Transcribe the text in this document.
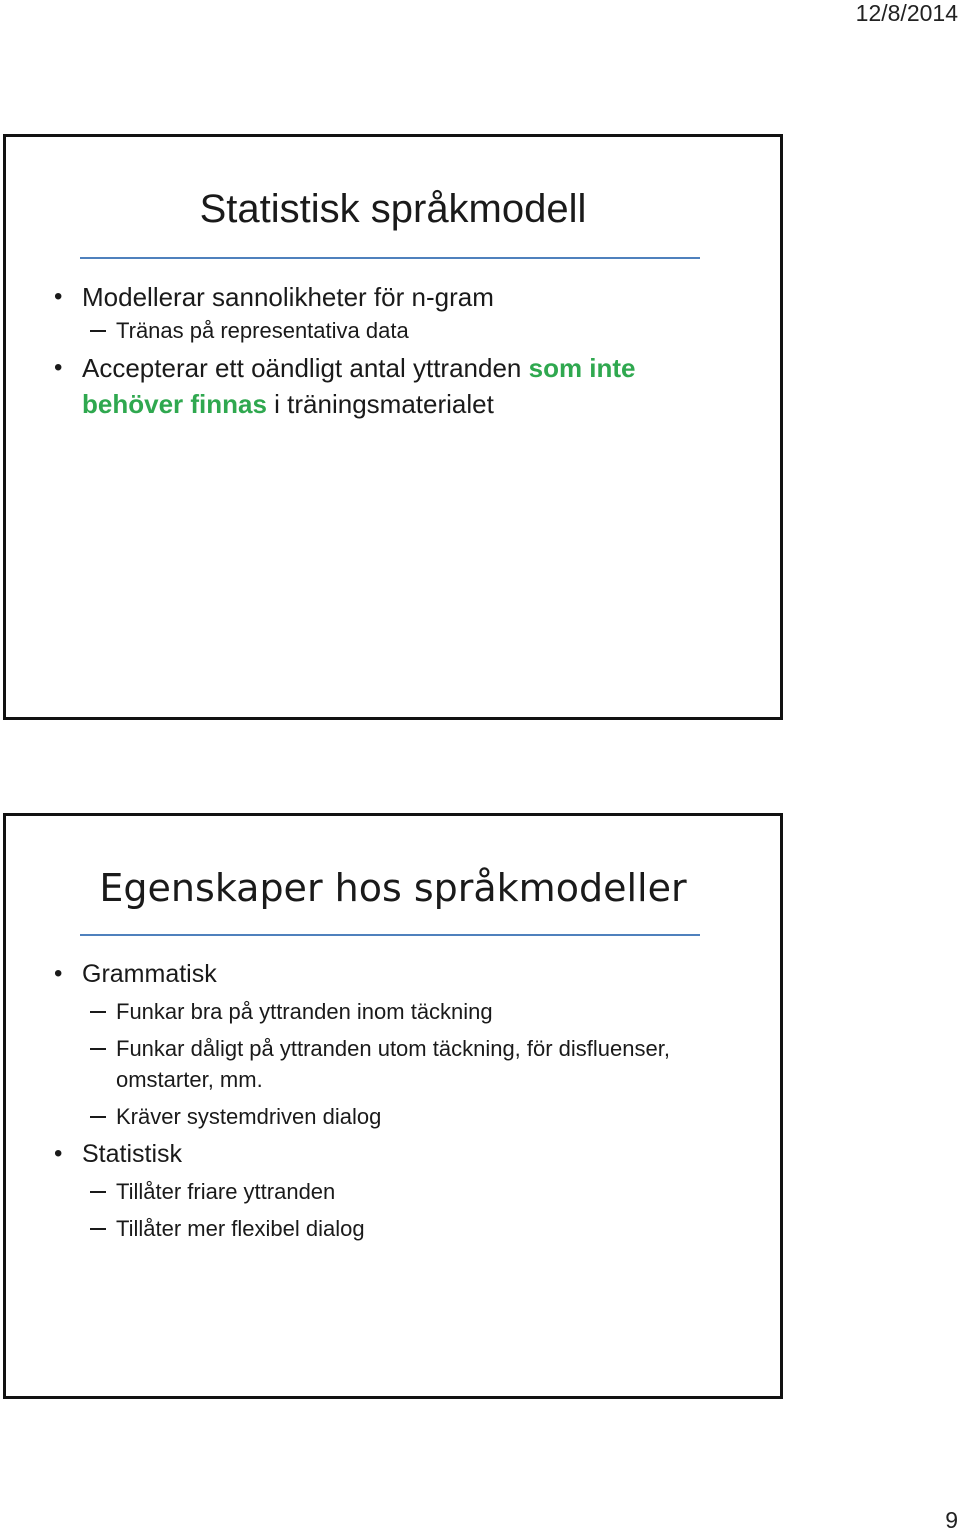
12/8/2014
Statistisk språkmodell
• Modellerar sannolikheter för n-gram
Tränas på representativa data
• Accepterar ett oändligt antal yttranden som inte behöver finnas i träningsmaterialet
Egenskaper hos språkmodeller
• Grammatisk
Funkar bra på yttranden inom täckning
Funkar dåligt på yttranden utom täckning, för disfluenser, omstarter, mm.
Kräver systemdriven dialog
• Statistisk
Tillåter friare yttranden
Tillåter mer flexibel dialog
9
